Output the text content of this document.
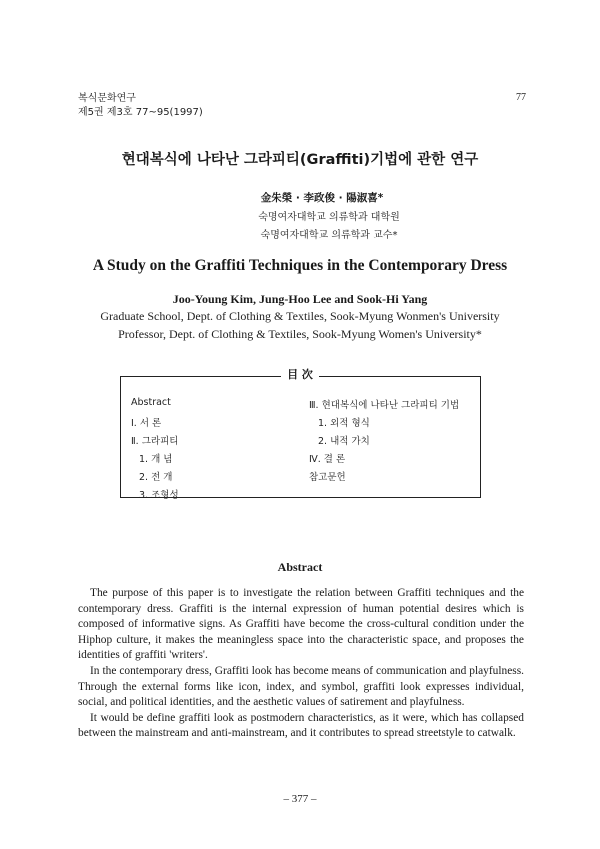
복식문화연구
제5권 제3호 77~95(1997)
77
현대복식에 나타난 그라피티(Graffiti)기법에 관한 연구
金朱榮 · 李政俊 · 陽淑喜*
숙명여자대학교 의류학과 대학원
숙명여자대학교 의류학과 교수*
A Study on the Graffiti Techniques in the Contemporary Dress
Joo-Young Kim, Jung-Hoo Lee and Sook-Hi Yang
Graduate School, Dept. of Clothing & Textiles, Sook-Myung Wonmen's University
Professor, Dept. of Clothing & Textiles, Sook-Myung Women's University*
目 次
Abstract
Ⅰ. 서 론
Ⅱ. 그라피티
1. 개 념
2. 전 개
3. 조형성
Ⅲ. 현대복식에 나타난 그라피티 기법
1. 외적 형식
2. 내적 가치
Ⅳ. 결 론
참고문헌
Abstract

The purpose of this paper is to investigate the relation between Graffiti techniques and the contemporary dress. Graffiti is the internal expression of human potential desires which is composed of informative signs. As Graffiti have become the cross-cultural condition under the Hiphop culture, it makes the meaningless space into the characteristic space, and proposes the identities of graffiti 'writers'.

In the contemporary dress, Graffiti look has become means of communication and playfulness. Through the external forms like icon, index, and symbol, graffiti look expresses individual, social, and political identities, and the aesthetic values of satirement and playfulness.

It would be define graffiti look as postmodern characteristics, as it were, which has collapsed between the mainstream and anti-mainstream, and it contributes to spread streetstyle to catwalk.

– 377 –
